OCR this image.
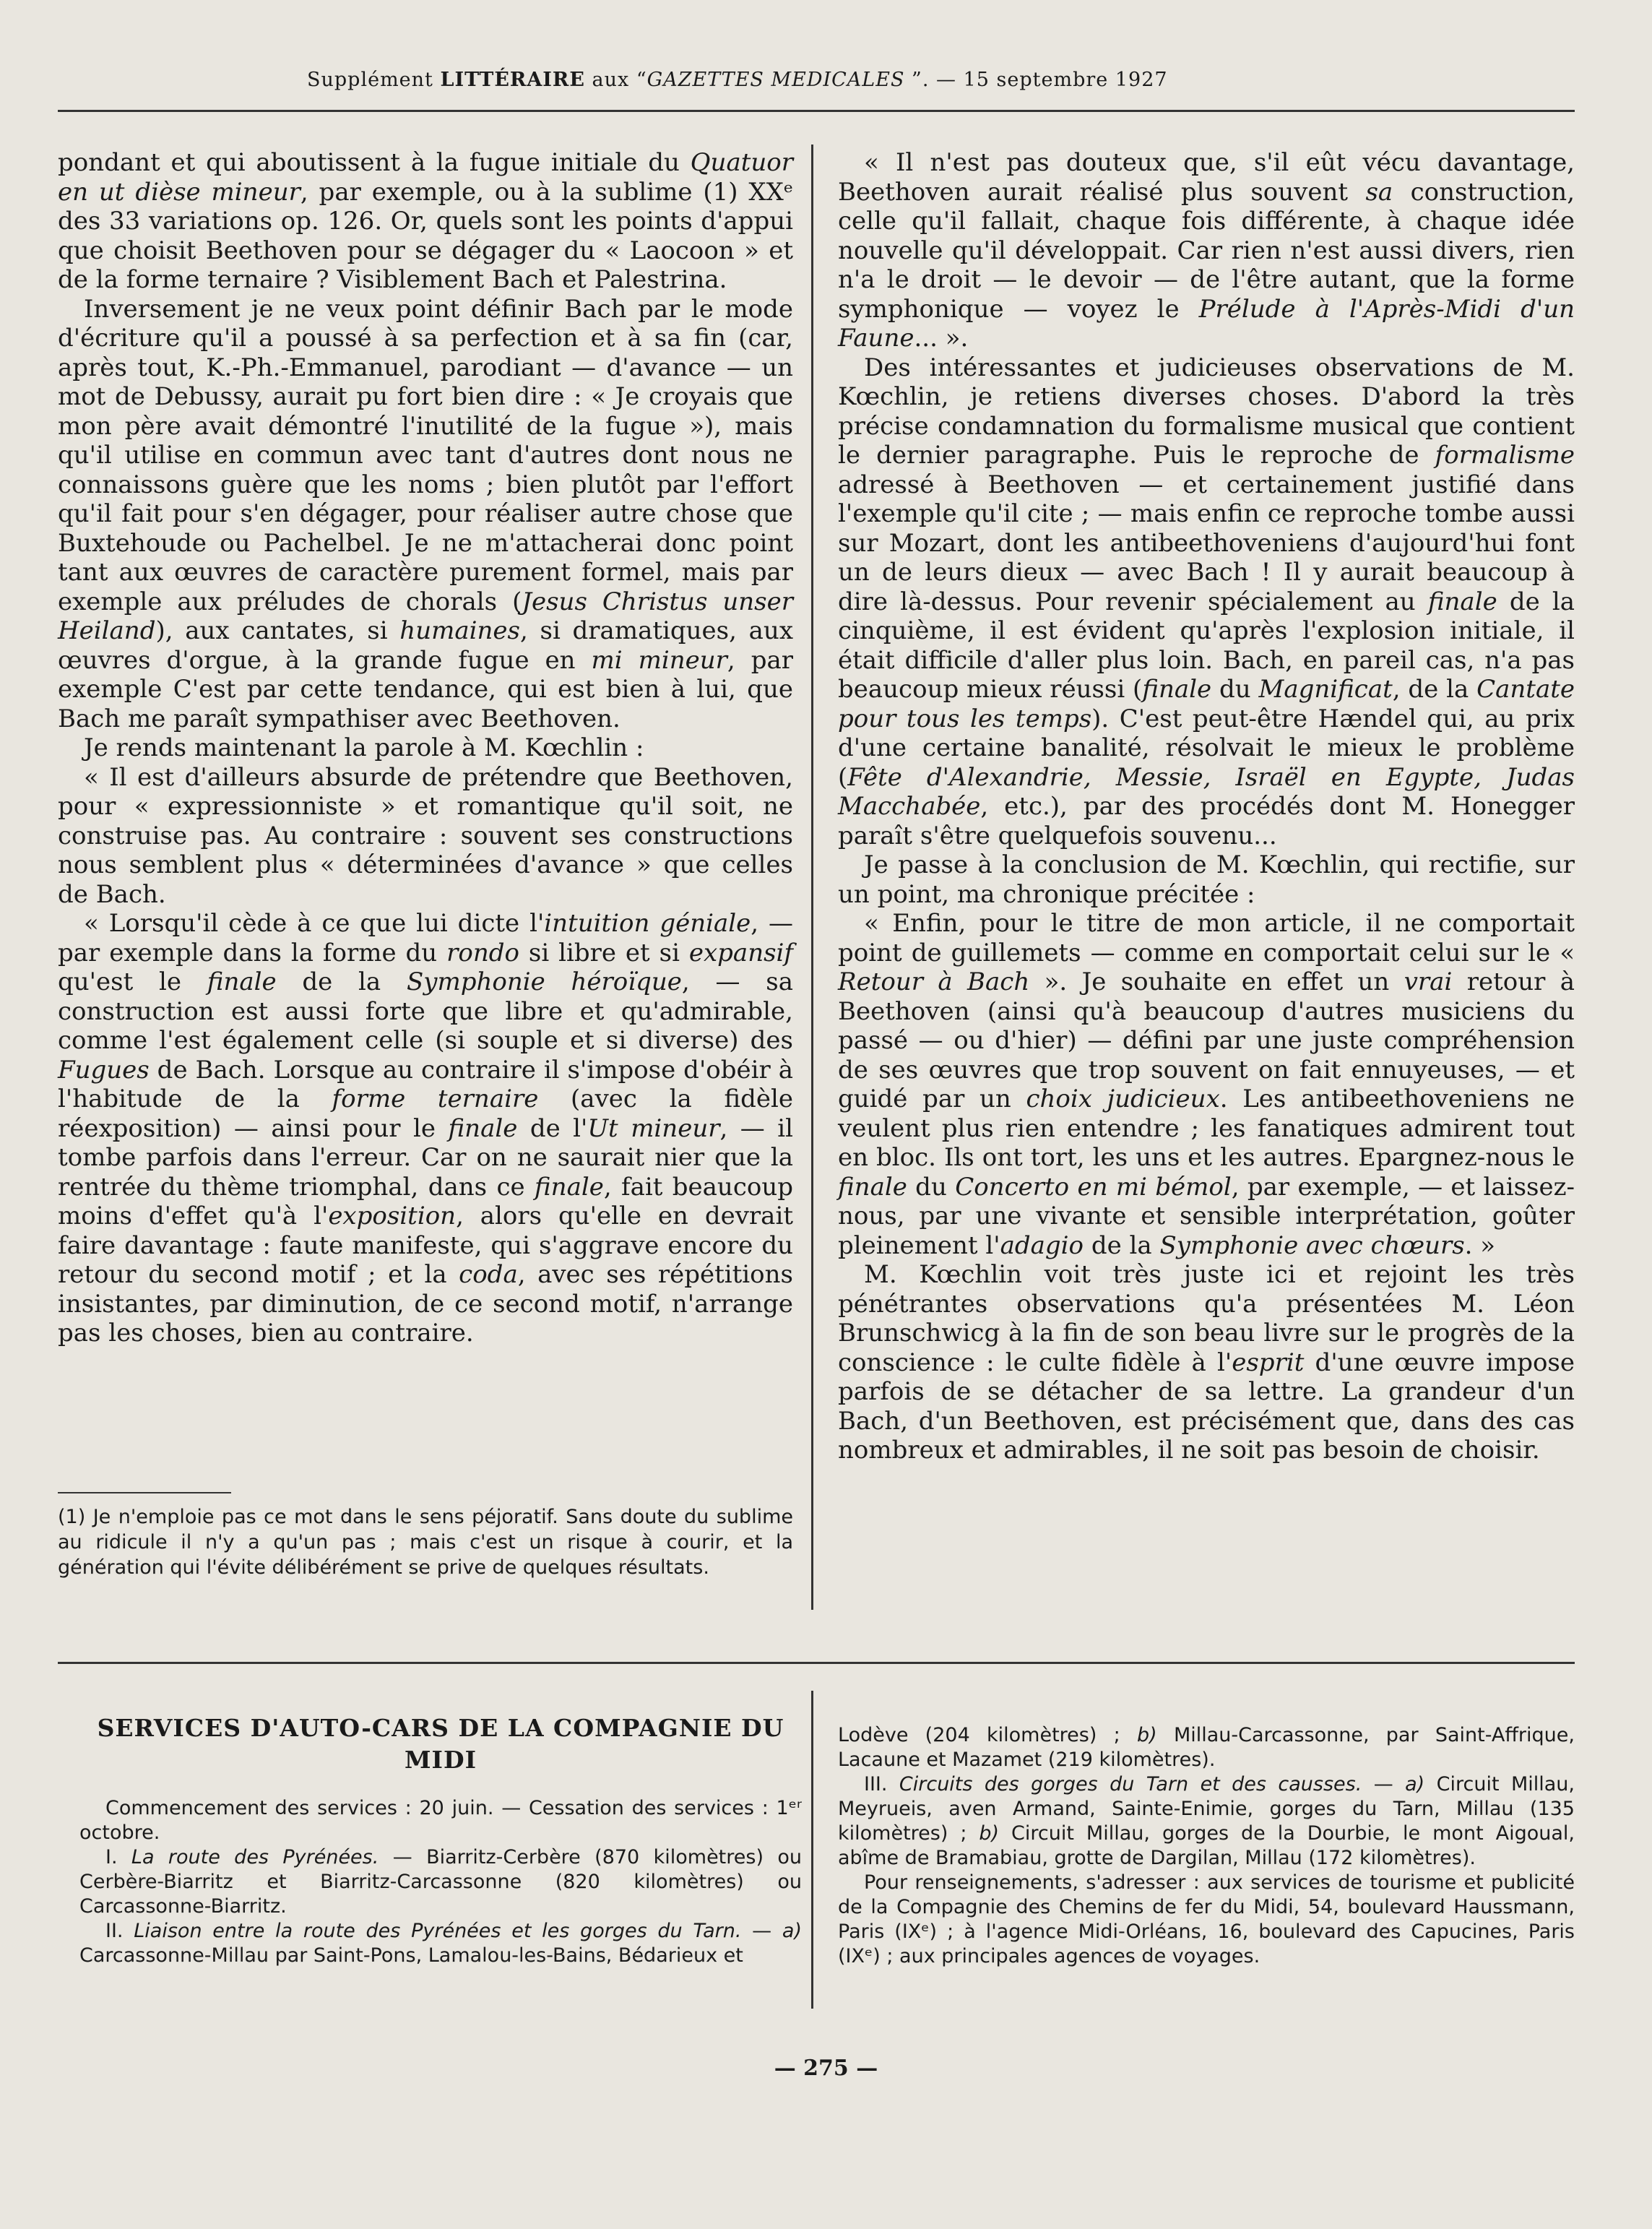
Supplément LITTÉRAIRE aux “GAZETTES MEDICALES ”. — 15 septembre 1927

pondant et qui aboutissent à la fugue initiale du Quatuor en ut dièse mineur, par exemple, ou à la sublime (1) XXᵉ des 33 variations op. 126. Or, quels sont les points d'appui que choisit Beethoven pour se dégager du « Laocoon » et de la forme ternaire ? Visiblement Bach et Palestrina.

Inversement je ne veux point définir Bach par le mode d'écriture qu'il a poussé à sa perfection et à sa fin (car, après tout, K.-Ph.-Emmanuel, parodiant — d'avance — un mot de Debussy, aurait pu fort bien dire : « Je croyais que mon père avait démontré l'inutilité de la fugue »), mais qu'il utilise en commun avec tant d'autres dont nous ne connaissons guère que les noms ; bien plutôt par l'effort qu'il fait pour s'en dégager, pour réaliser autre chose que Buxtehoude ou Pachelbel. Je ne m'attacherai donc point tant aux œuvres de caractère purement formel, mais par exemple aux préludes de chorals (Jesus Christus unser Heiland), aux cantates, si humaines, si dramatiques, aux œuvres d'orgue, à la grande fugue en mi mineur, par exemple C'est par cette tendance, qui est bien à lui, que Bach me paraît sympathiser avec Beethoven.

Je rends maintenant la parole à M. Kœchlin :

« Il est d'ailleurs absurde de prétendre que Beethoven, pour « expressionniste » et romantique qu'il soit, ne construise pas. Au contraire : souvent ses constructions nous semblent plus « déterminées d'avance » que celles de Bach.

« Lorsqu'il cède à ce que lui dicte l'intuition géniale, — par exemple dans la forme du rondo si libre et si expansif qu'est le finale de la Symphonie héroïque, — sa construction est aussi forte que libre et qu'admirable, comme l'est également celle (si souple et si diverse) des Fugues de Bach. Lorsque au contraire il s'impose d'obéir à l'habitude de la forme ternaire (avec la fidèle réexposition) — ainsi pour le finale de l'Ut mineur, — il tombe parfois dans l'erreur. Car on ne saurait nier que la rentrée du thème triomphal, dans ce finale, fait beaucoup moins d'effet qu'à l'exposition, alors qu'elle en devrait faire davantage : faute manifeste, qui s'aggrave encore du retour du second motif ; et la coda, avec ses répétitions insistantes, par diminution, de ce second motif, n'arrange pas les choses, bien au contraire.

« Il n'est pas douteux que, s'il eût vécu davantage, Beethoven aurait réalisé plus souvent sa construction, celle qu'il fallait, chaque fois différente, à chaque idée nouvelle qu'il développait. Car rien n'est aussi divers, rien n'a le droit — le devoir — de l'être autant, que la forme symphonique — voyez le Prélude à l'Après-Midi d'un Faune... ».

Des intéressantes et judicieuses observations de M. Kœchlin, je retiens diverses choses. D'abord la très précise condamnation du formalisme musical que contient le dernier paragraphe. Puis le reproche de formalisme adressé à Beethoven — et certainement justifié dans l'exemple qu'il cite ; — mais enfin ce reproche tombe aussi sur Mozart, dont les antibeethoveniens d'aujourd'hui font un de leurs dieux — avec Bach ! Il y aurait beaucoup à dire là-dessus. Pour revenir spécialement au finale de la cinquième, il est évident qu'après l'explosion initiale, il était difficile d'aller plus loin. Bach, en pareil cas, n'a pas beaucoup mieux réussi (finale du Magnificat, de la Cantate pour tous les temps). C'est peut-être Hændel qui, au prix d'une certaine banalité, résolvait le mieux le problème (Fête d'Alexandrie, Messie, Israël en Egypte, Judas Macchabée, etc.), par des procédés dont M. Honegger paraît s'être quelquefois souvenu...

Je passe à la conclusion de M. Kœchlin, qui rectifie, sur un point, ma chronique précitée :

« Enfin, pour le titre de mon article, il ne comportait point de guillemets — comme en comportait celui sur le « Retour à Bach ». Je souhaite en effet un vrai retour à Beethoven (ainsi qu'à beaucoup d'autres musiciens du passé — ou d'hier) — défini par une juste compréhension de ses œuvres que trop souvent on fait ennuyeuses, — et guidé par un choix judicieux. Les antibeethoveniens ne veulent plus rien entendre ; les fanatiques admirent tout en bloc. Ils ont tort, les uns et les autres. Epargnez-nous le finale du Concerto en mi bémol, par exemple, — et laissez-nous, par une vivante et sensible interprétation, goûter pleinement l'adagio de la Symphonie avec chœurs. »

M. Kœchlin voit très juste ici et rejoint les très pénétrantes observations qu'a présentées M. Léon Brunschwicg à la fin de son beau livre sur le progrès de la conscience : le culte fidèle à l'esprit d'une œuvre impose parfois de se détacher de sa lettre. La grandeur d'un Bach, d'un Beethoven, est précisément que, dans des cas nombreux et admirables, il ne soit pas besoin de choisir.

(1) Je n'emploie pas ce mot dans le sens péjoratif. Sans doute du sublime au ridicule il n'y a qu'un pas ; mais c'est un risque à courir, et la génération qui l'évite délibérément se prive de quelques résultats.
SERVICES D'AUTO-CARS DE LA COMPAGNIE DU MIDI

Commencement des services : 20 juin. — Cessation des services : 1ᵉʳ octobre.

I. La route des Pyrénées. — Biarritz-Cerbère (870 kilomètres) ou Cerbère-Biarritz et Biarritz-Carcassonne (820 kilomètres) ou Carcassonne-Biarritz.

II. Liaison entre la route des Pyrénées et les gorges du Tarn. — a) Carcassonne-Millau par Saint-Pons, Lamalou-les-Bains, Bédarieux et

Lodève (204 kilomètres) ; b) Millau-Carcassonne, par Saint-Affrique, Lacaune et Mazamet (219 kilomètres).

III. Circuits des gorges du Tarn et des causses. — a) Circuit Millau, Meyrueis, aven Armand, Sainte-Enimie, gorges du Tarn, Millau (135 kilomètres) ; b) Circuit Millau, gorges de la Dourbie, le mont Aigoual, abîme de Bramabiau, grotte de Dargilan, Millau (172 kilomètres).

Pour renseignements, s'adresser : aux services de tourisme et publicité de la Compagnie des Chemins de fer du Midi, 54, boulevard Haussmann, Paris (IXᵉ) ; à l'agence Midi-Orléans, 16, boulevard des Capucines, Paris (IXᵉ) ; aux principales agences de voyages.

— 275 —
